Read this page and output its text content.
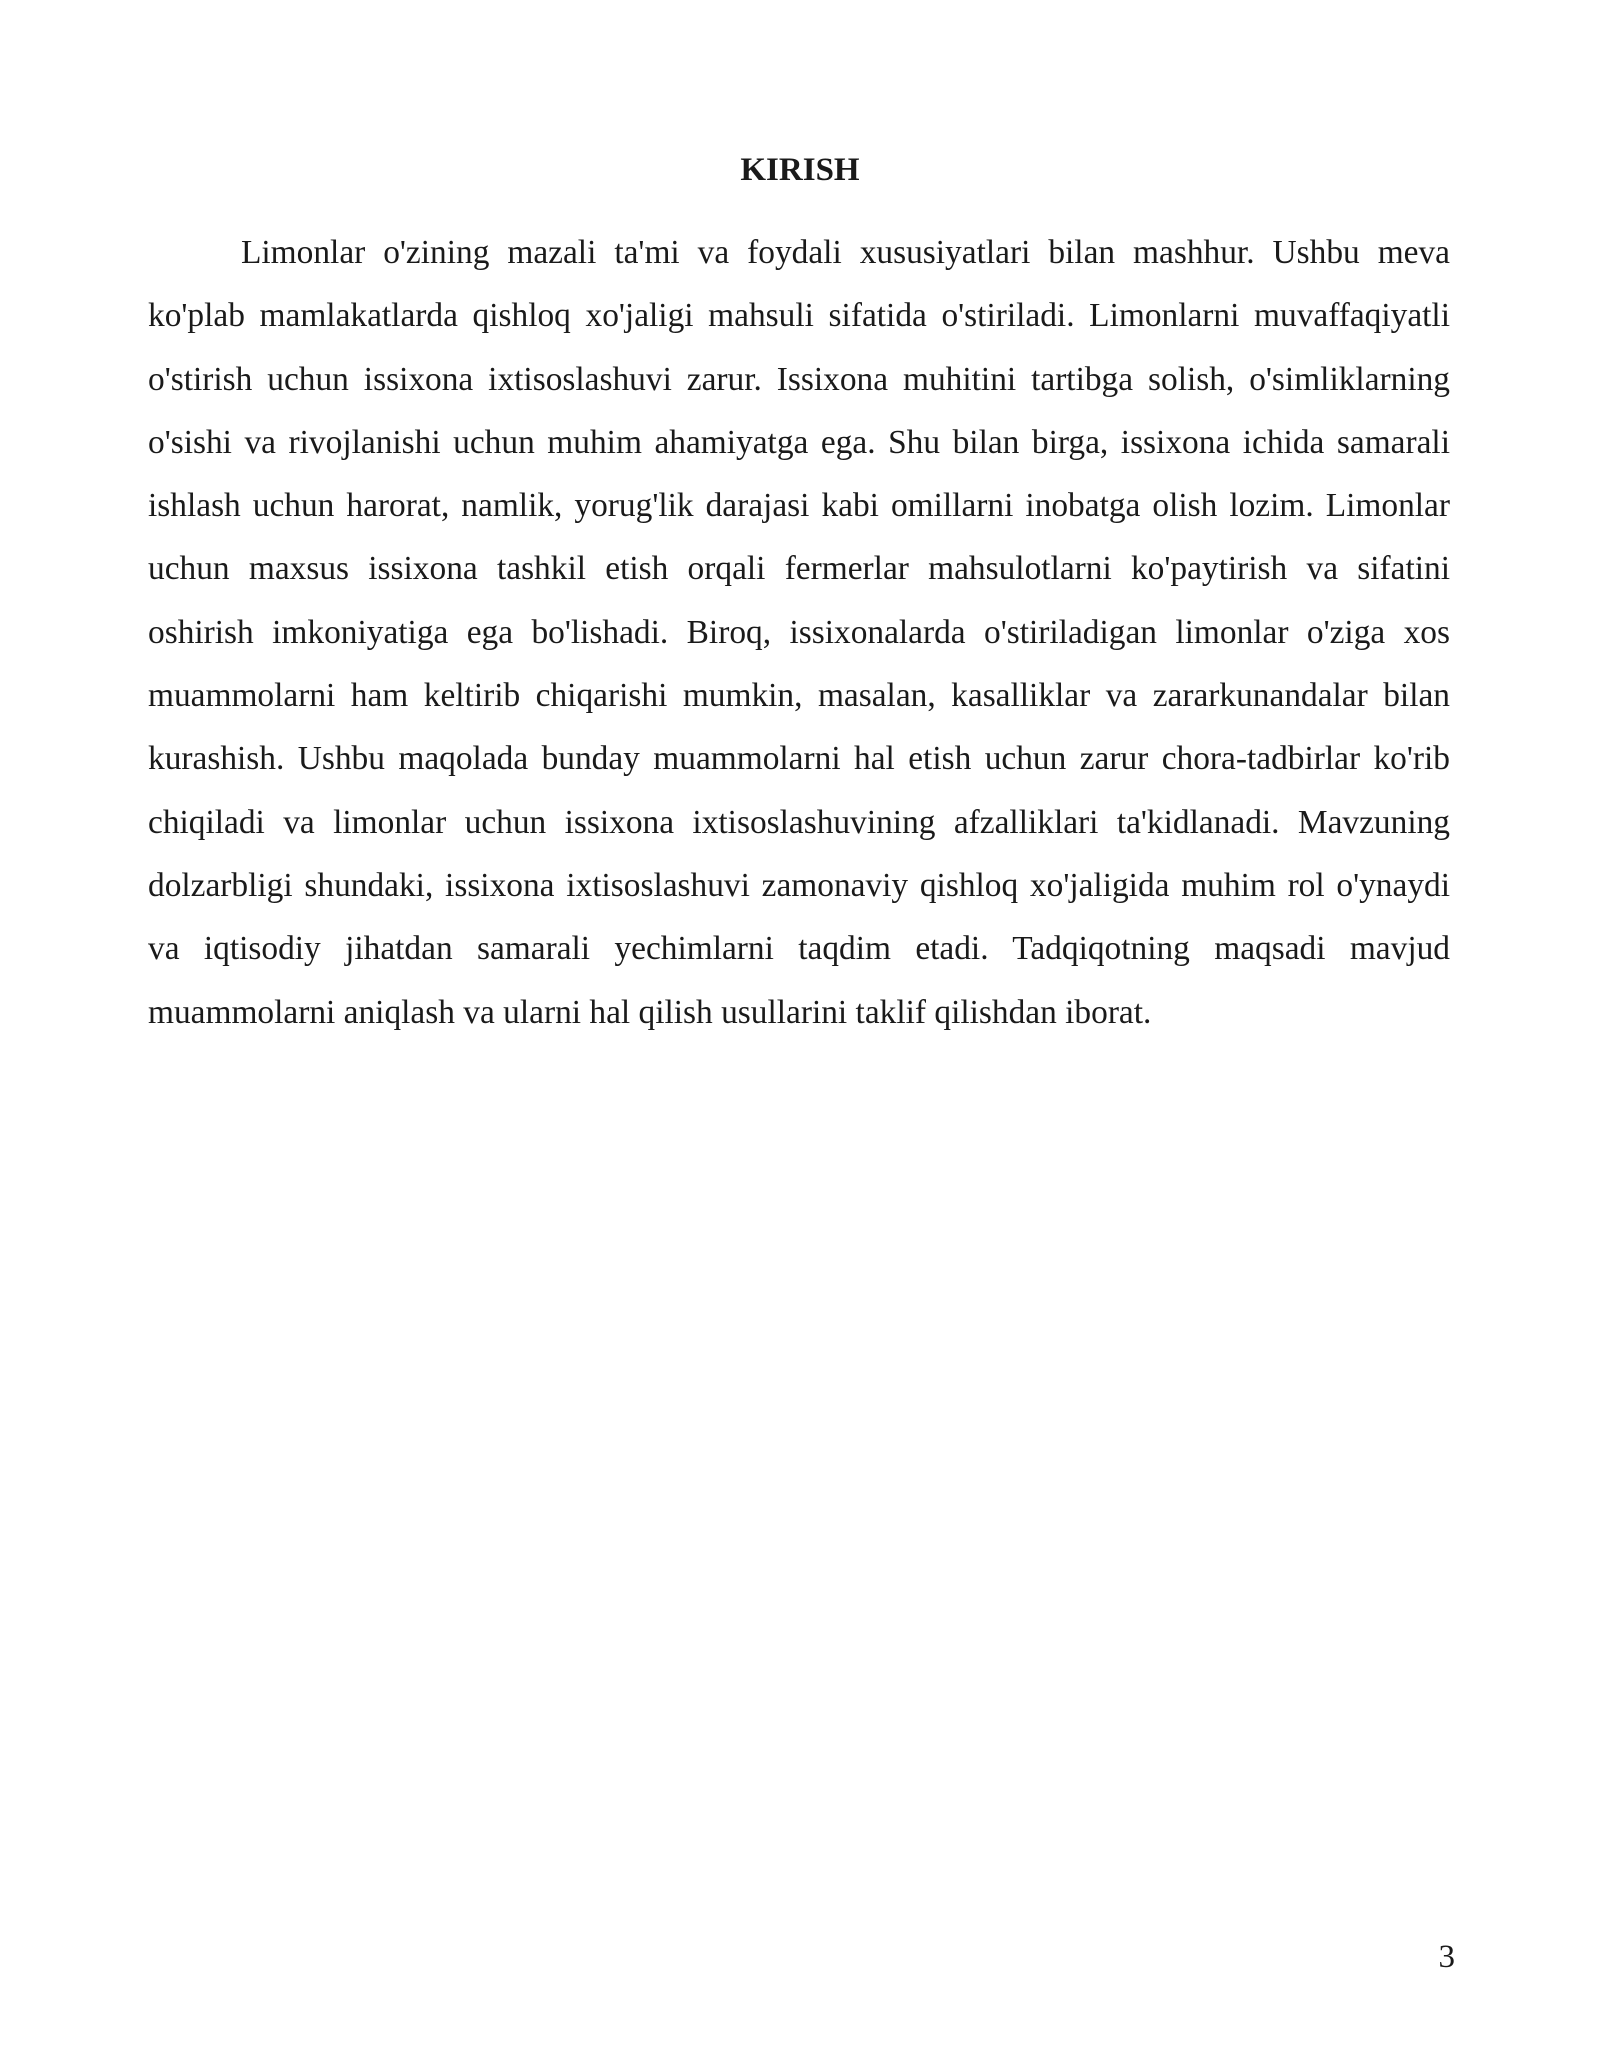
KIRISH

Limonlar o'zining mazali ta'mi va foydali xususiyatlari bilan mashhur. Ushbu meva ko'plab mamlakatlarda qishloq xo'jaligi mahsuli sifatida o'stiriladi. Limonlarni muvaffaqiyatli o'stirish uchun issixona ixtisoslashuvi zarur. Issixona muhitini tartibga solish, o'simliklarning o'sishi va rivojlanishi uchun muhim ahamiyatga ega. Shu bilan birga, issixona ichida samarali ishlash uchun harorat, namlik, yorug'lik darajasi kabi omillarni inobatga olish lozim. Limonlar uchun maxsus issixona tashkil etish orqali fermerlar mahsulotlarni ko'paytirish va sifatini oshirish imkoniyatiga ega bo'lishadi. Biroq, issixonalarda o'stiriladigan limonlar o'ziga xos muammolarni ham keltirib chiqarishi mumkin, masalan, kasalliklar va zararkunandalar bilan kurashish. Ushbu maqolada bunday muammolarni hal etish uchun zarur chora-tadbirlar ko'rib chiqiladi va limonlar uchun issixona ixtisoslashuvining afzalliklari ta'kidlanadi. Mavzuning dolzarbligi shundaki, issixona ixtisoslashuvi zamonaviy qishloq xo'jaligida muhim rol o'ynaydi va iqtisodiy jihatdan samarali yechimlarni taqdim etadi. Tadqiqotning maqsadi mavjud muammolarni aniqlash va ularni hal qilish usullarini taklif qilishdan iborat.

3
